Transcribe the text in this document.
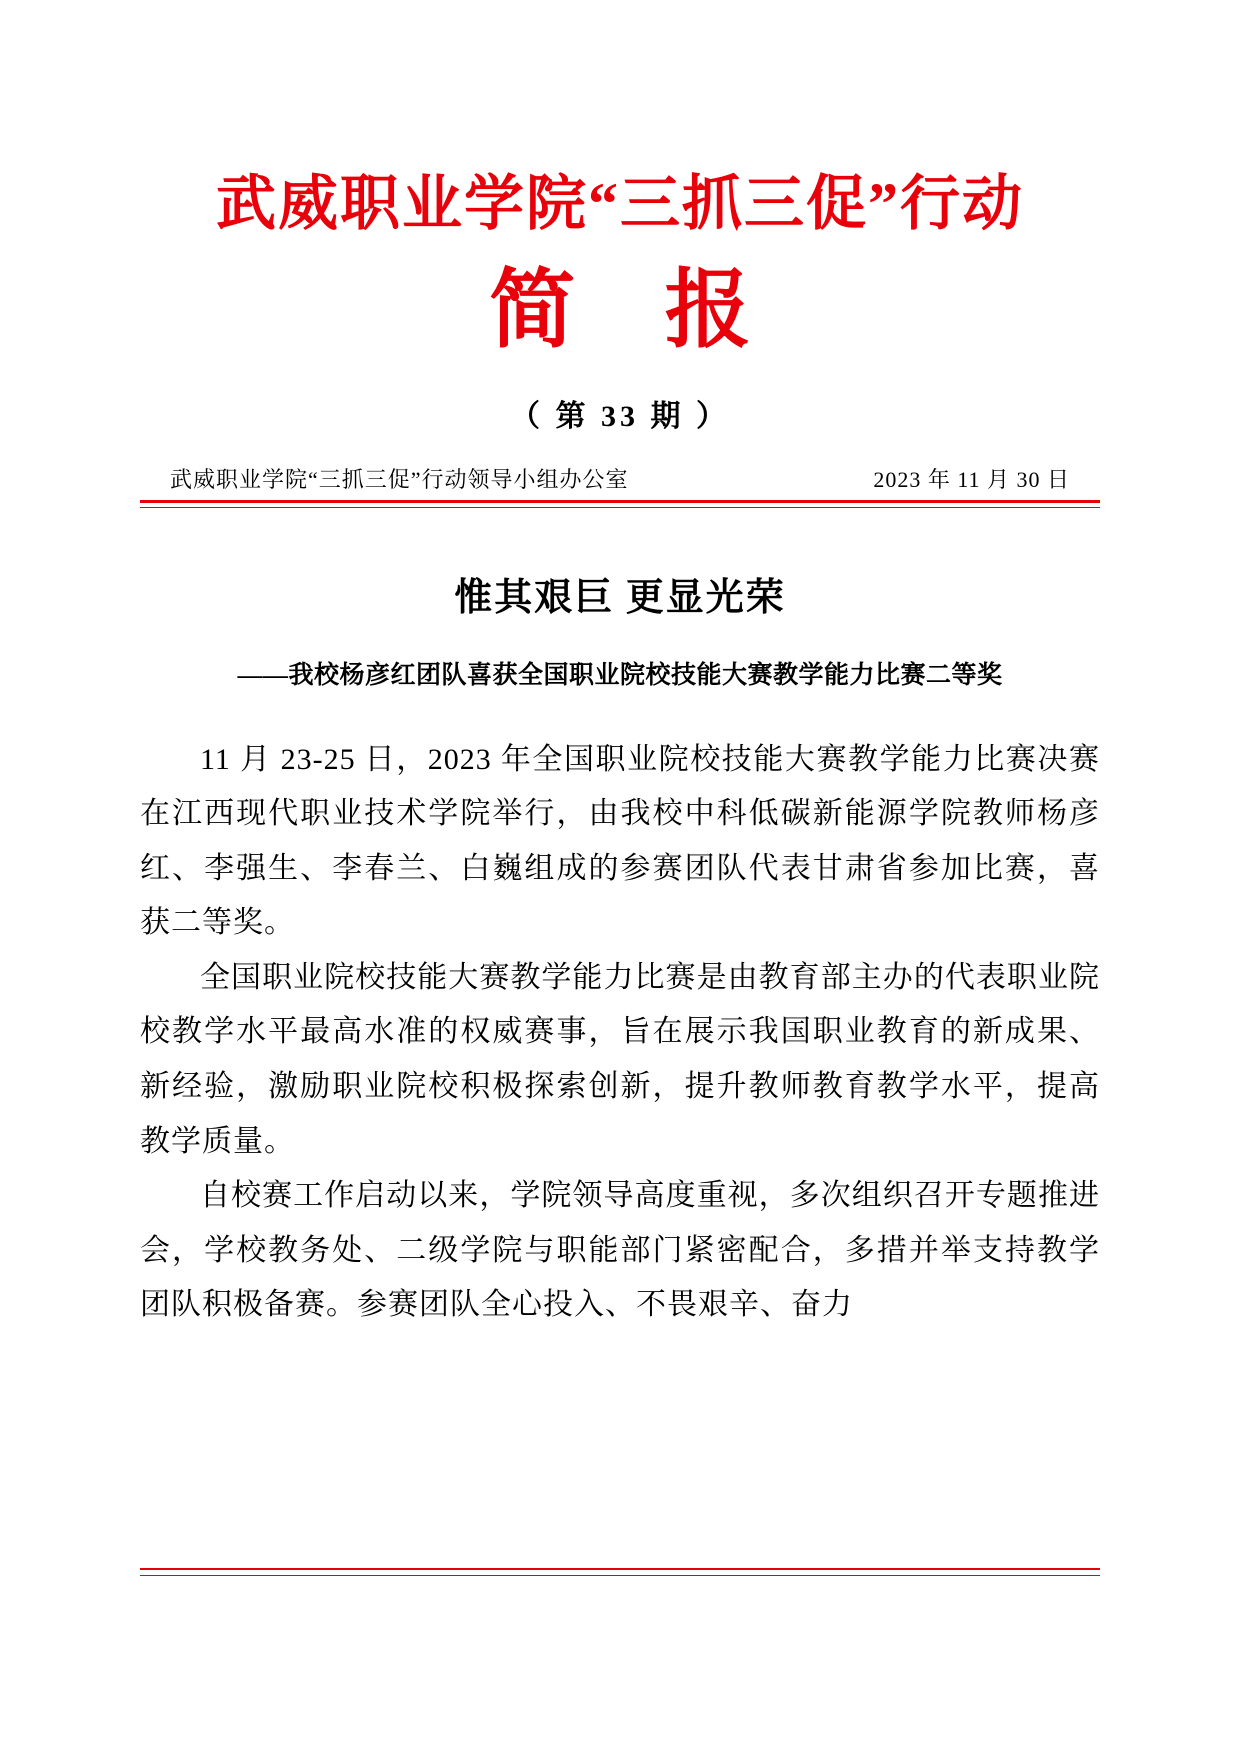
武威职业学院“三抓三促”行动
简 报
（ 第 33 期 ）
武威职业学院“三抓三促”行动领导小组办公室	2023 年 11 月 30 日
惟其艰巨 更显光荣
——我校杨彦红团队喜获全国职业院校技能大赛教学能力比赛二等奖

11 月 23-25 日，2023 年全国职业院校技能大赛教学能力比赛决赛在江西现代职业技术学院举行，由我校中科低碳新能源学院教师杨彦红、李强生、李春兰、白巍组成的参赛团队代表甘肃省参加比赛，喜获二等奖。

全国职业院校技能大赛教学能力比赛是由教育部主办的代表职业院校教学水平最高水准的权威赛事，旨在展示我国职业教育的新成果、新经验，激励职业院校积极探索创新，提升教师教育教学水平，提高教学质量。

自校赛工作启动以来，学院领导高度重视，多次组织召开专题推进会，学校教务处、二级学院与职能部门紧密配合，多措并举支持教学团队积极备赛。参赛团队全心投入、不畏艰辛、奋力
